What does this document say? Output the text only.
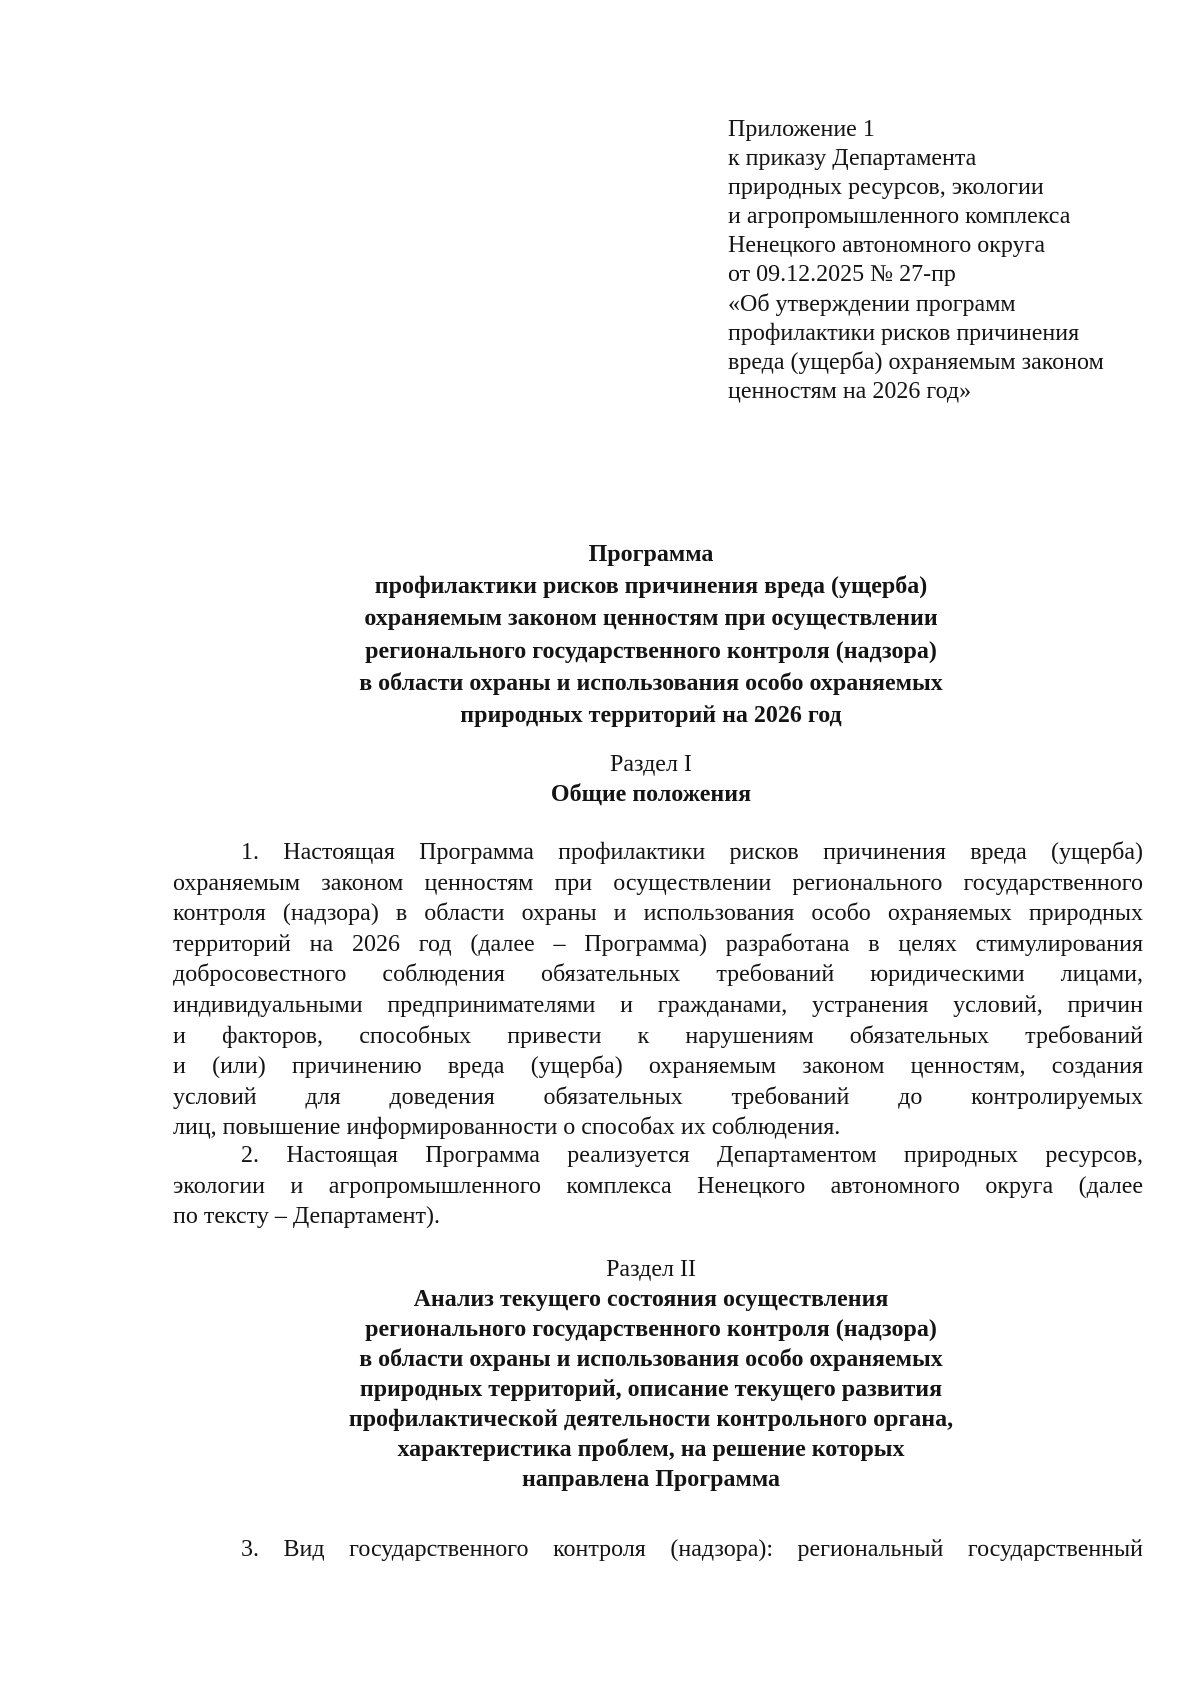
Приложение 1
к приказу Департамента
природных ресурсов, экологии
и агропромышленного комплекса
Ненецкого автономного округа
от 09.12.2025 № 27-пр
«Об утверждении программ
профилактики рисков причинения
вреда (ущерба) охраняемым законом
ценностям на 2026 год»
Программа
профилактики рисков причинения вреда (ущерба)
охраняемым законом ценностям при осуществлении
регионального государственного контроля (надзора)
в области охраны и использования особо охраняемых
природных территорий на 2026 год
Раздел I
Общие положения
1. Настоящая Программа профилактики рисков причинения вреда (ущерба)
охраняемым законом ценностям при осуществлении регионального государственного
контроля (надзора) в области охраны и использования особо охраняемых природных
территорий на 2026 год (далее – Программа) разработана в целях стимулирования
добросовестного соблюдения обязательных требований юридическими лицами,
индивидуальными предпринимателями и гражданами, устранения условий, причин
и факторов, способных привести к нарушениям обязательных требований
и (или) причинению вреда (ущерба) охраняемым законом ценностям, создания
условий для доведения обязательных требований до контролируемых
лиц, повышение информированности о способах их соблюдения.
2. Настоящая Программа реализуется Департаментом природных ресурсов,
экологии и агропромышленного комплекса Ненецкого автономного округа (далее
по тексту – Департамент).
Раздел II
Анализ текущего состояния осуществления
регионального государственного контроля (надзора)
в области охраны и использования особо охраняемых
природных территорий, описание текущего развития
профилактической деятельности контрольного органа,
характеристика проблем, на решение которых
направлена Программа
3. Вид государственного контроля (надзора): региональный государственный
